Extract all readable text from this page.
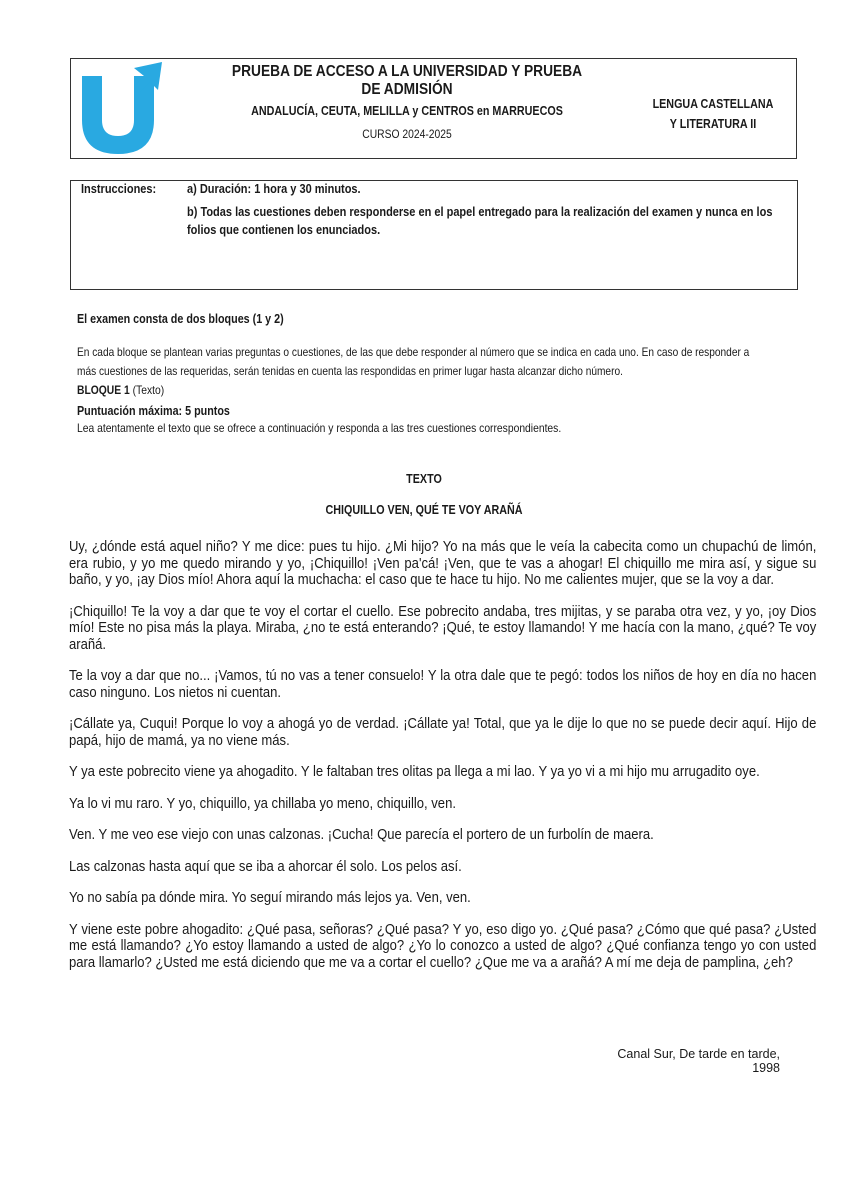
PRUEBA DE ACCESO A LA UNIVERSIDAD Y PRUEBA DE ADMISIÓN
ANDALUCÍA, CEUTA, MELILLA y CENTROS en MARRUECOS
CURSO 2024-2025
LENGUA CASTELLANA
Y LITERATURA II
Instrucciones: a) Duración: 1 hora y 30 minutos.
b) Todas las cuestiones deben responderse en el papel entregado para la realización del examen y nunca en los folios que contienen los enunciados.
El examen consta de dos bloques (1 y 2)
En cada bloque se plantean varias preguntas o cuestiones, de las que debe responder al número que se indica en cada uno. En caso de responder a más cuestiones de las requeridas, serán tenidas en cuenta las respondidas en primer lugar hasta alcanzar dicho número.
BLOQUE 1 (Texto)
Puntuación máxima: 5 puntos
Lea atentamente el texto que se ofrece a continuación y responda a las tres cuestiones correspondientes.
TEXTO
CHIQUILLO VEN, QUÉ TE VOY ARAÑÁ

Uy, ¿dónde está aquel niño? Y me dice: pues tu hijo. ¿Mi hijo? Yo na más que le veía la cabecita como un chupachú de limón, era rubio, y yo me quedo mirando y yo, ¡Chiquillo! ¡Ven pa'cá! ¡Ven, que te vas a ahogar! El chiquillo me mira así, y sigue su baño, y yo, ¡ay Dios mío! Ahora aquí la muchacha: el caso que te hace tu hijo. No me calientes mujer, que se la voy a dar.

¡Chiquillo! Te la voy a dar que te voy el cortar el cuello. Ese pobrecito andaba, tres mijitas, y se paraba otra vez, y yo, ¡oy Dios mío! Este no pisa más la playa. Miraba, ¿no te está enterando? ¡Qué, te estoy llamando! Y me hacía con la mano, ¿qué? Te voy arañá.

Te la voy a dar que no... ¡Vamos, tú no vas a tener consuelo! Y la otra dale que te pegó: todos los niños de hoy en día no hacen caso ninguno. Los nietos ni cuentan.

¡Cállate ya, Cuqui! Porque lo voy a ahogá yo de verdad. ¡Cállate ya! Total, que ya le dije lo que no se puede decir aquí. Hijo de papá, hijo de mamá, ya no viene más.

Y ya este pobrecito viene ya ahogadito. Y le faltaban tres olitas pa llega a mi lao. Y ya yo vi a mi hijo mu arrugadito oye.

Ya lo vi mu raro. Y yo, chiquillo, ya chillaba yo meno, chiquillo, ven.

Ven. Y me veo ese viejo con unas calzonas. ¡Cucha! Que parecía el portero de un furbolín de maera.

Las calzonas hasta aquí que se iba a ahorcar él solo. Los pelos así.

Yo no sabía pa dónde mira. Yo seguí mirando más lejos ya. Ven, ven.

Y viene este pobre ahogadito: ¿Qué pasa, señoras? ¿Qué pasa? Y yo, eso digo yo. ¿Qué pasa? ¿Cómo que qué pasa? ¿Usted me está llamando? ¿Yo estoy llamando a usted de algo? ¿Yo lo conozco a usted de algo? ¿Qué confianza tengo yo con usted para llamarlo? ¿Usted me está diciendo que me va a cortar el cuello? ¿Que me va a arañá? A mí me deja de pamplina, ¿eh?

Canal Sur, De tarde en tarde, 1998
